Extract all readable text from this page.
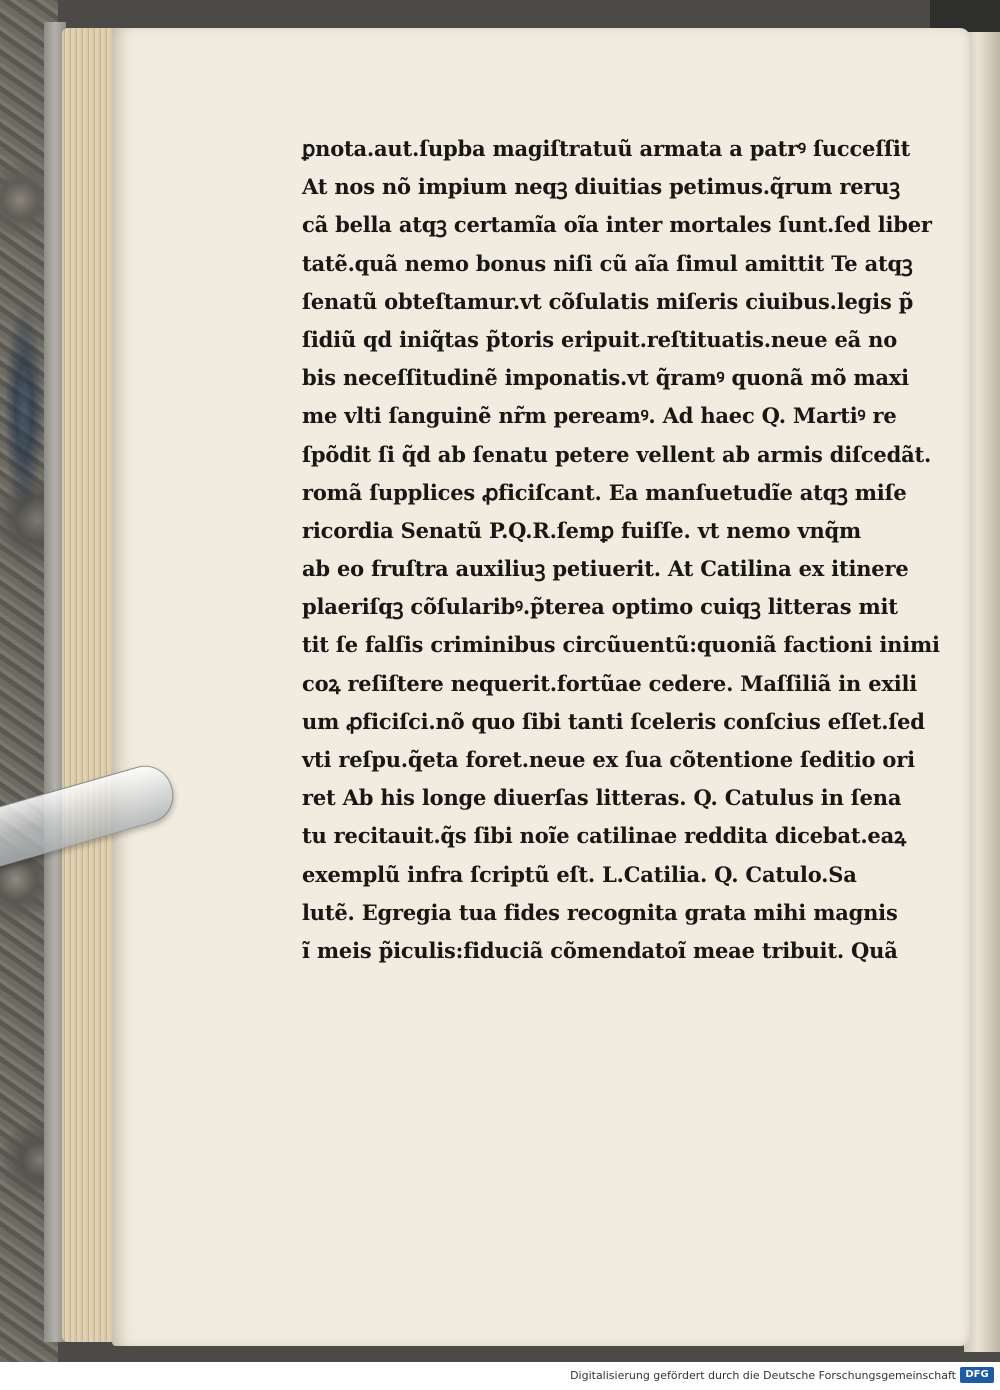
ꝑnota.aut.ſupba magiſtratuũ armata a patrꝰ ſucceſſit
At nos nõ impium neqꝫ diuitias petimus.q̃rum reruꝫ
cã bella atqꝫ certamĩa oĩa inter mortales ſunt.ſed liber
tatẽ.quã nemo bonus niſi cũ aĩa ſimul amittit Te atqꝫ
ſenatũ obteſtamur.vt cõſulatis miſeris ciuibus.legis p̃
ſidiũ qd iniq̃tas p̃toris eripuit.reſtituatis.neue eã no
bis neceſſitudinẽ imponatis.vt q̃ramꝰ quonã mõ maxi
me vlti ſanguinẽ nr̃m pereamꝰ. Ad haec Q. Martiꝰ re
ſpõdit ſi q̃d ab ſenatu petere vellent ab armis diſcedãt.
romã ſupplices ꝓficiſcant. Ea manſuetudĩe atqꝫ miſe
ricordia Senatũ P.Q.R.ſemꝑ fuiſſe. vt nemo vnq̃m
ab eo fruſtra auxiliuꝫ petiuerit. At Catilina ex itinere
plaeriſqꝫ cõſularibꝰ.p̃terea optimo cuiqꝫ litteras mit
tit ſe falſis criminibus circũuentũ:quoniã factioni inimi
coꝝ reſiſtere nequerit.fortũae cedere. Maſſiliã in exili
um ꝓficiſci.nõ quo ſibi tanti ſceleris conſcius eſſet.ſed
vti reſpu.q̃eta foret.neue ex ſua cõtentione ſeditio ori
ret Ab his longe diuerſas litteras. Q. Catulus in ſena
tu recitauit.q̃s ſibi noĩe catilinae reddita dicebat.eaꝝ
exemplũ infra ſcriptũ eſt. L.Catilia. Q. Catulo.Sa
lutẽ. Egregia tua fides recognita grata mihi magnis
ĩ meis p̃iculis:fiduciã cõmendatoĩ meae tribuit. Quã
Digitalisierung gefördert durch die Deutsche Forschungsgemeinschaft DFG
